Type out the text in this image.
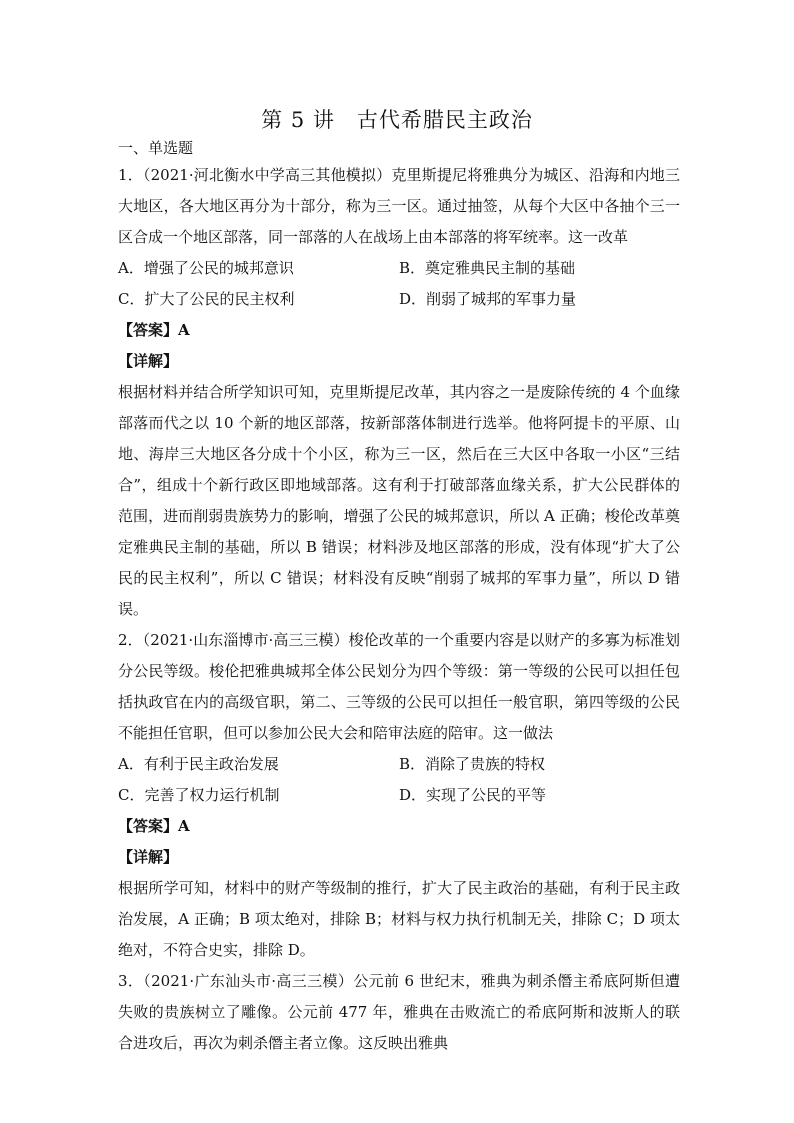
第 5 讲 古代希腊民主政治
一、单选题

1．（2021·河北衡水中学高三其他模拟）克里斯提尼将雅典分为城区、沿海和内地三大地区，各大地区再分为十部分，称为三一区。通过抽签，从每个大区中各抽个三一区合成一个地区部落，同一部落的人在战场上由本部落的将军统率。这一改革

A．增强了公民的城邦意识	B．奠定雅典民主制的基础
C．扩大了公民的民主权利	D．削弱了城邦的军事力量
【答案】A
【详解】

根据材料并结合所学知识可知，克里斯提尼改革，其内容之一是废除传统的 4 个血缘部落而代之以 10 个新的地区部落，按新部落体制进行选举。他将阿提卡的平原、山地、海岸三大地区各分成十个小区，称为三一区，然后在三大区中各取一小区“三结合”，组成十个新行政区即地域部落。这有利于打破部落血缘关系，扩大公民群体的范围，进而削弱贵族势力的影响，增强了公民的城邦意识，所以 A 正确；梭伦改革奠定雅典民主制的基础，所以 B 错误；材料涉及地区部落的形成，没有体现“扩大了公民的民主权利”，所以 C 错误；材料没有反映“削弱了城邦的军事力量”，所以 D 错误。

2．（2021·山东淄博市·高三三模）梭伦改革的一个重要内容是以财产的多寡为标准划分公民等级。梭伦把雅典城邦全体公民划分为四个等级：第一等级的公民可以担任包括执政官在内的高级官职，第二、三等级的公民可以担任一般官职，第四等级的公民不能担任官职，但可以参加公民大会和陪审法庭的陪审。这一做法

A．有利于民主政治发展	B．消除了贵族的特权
C．完善了权力运行机制	D．实现了公民的平等
【答案】A
【详解】

根据所学可知，材料中的财产等级制的推行，扩大了民主政治的基础，有利于民主政治发展，A 正确；B 项太绝对，排除 B；材料与权力执行机制无关，排除 C；D 项太绝对，不符合史实，排除 D。

3．（2021·广东汕头市·高三三模）公元前 6 世纪末，雅典为刺杀僭主希底阿斯但遭失败的贵族树立了雕像。公元前 477 年，雅典在击败流亡的希底阿斯和波斯人的联合进攻后，再次为刺杀僭主者立像。这反映出雅典
